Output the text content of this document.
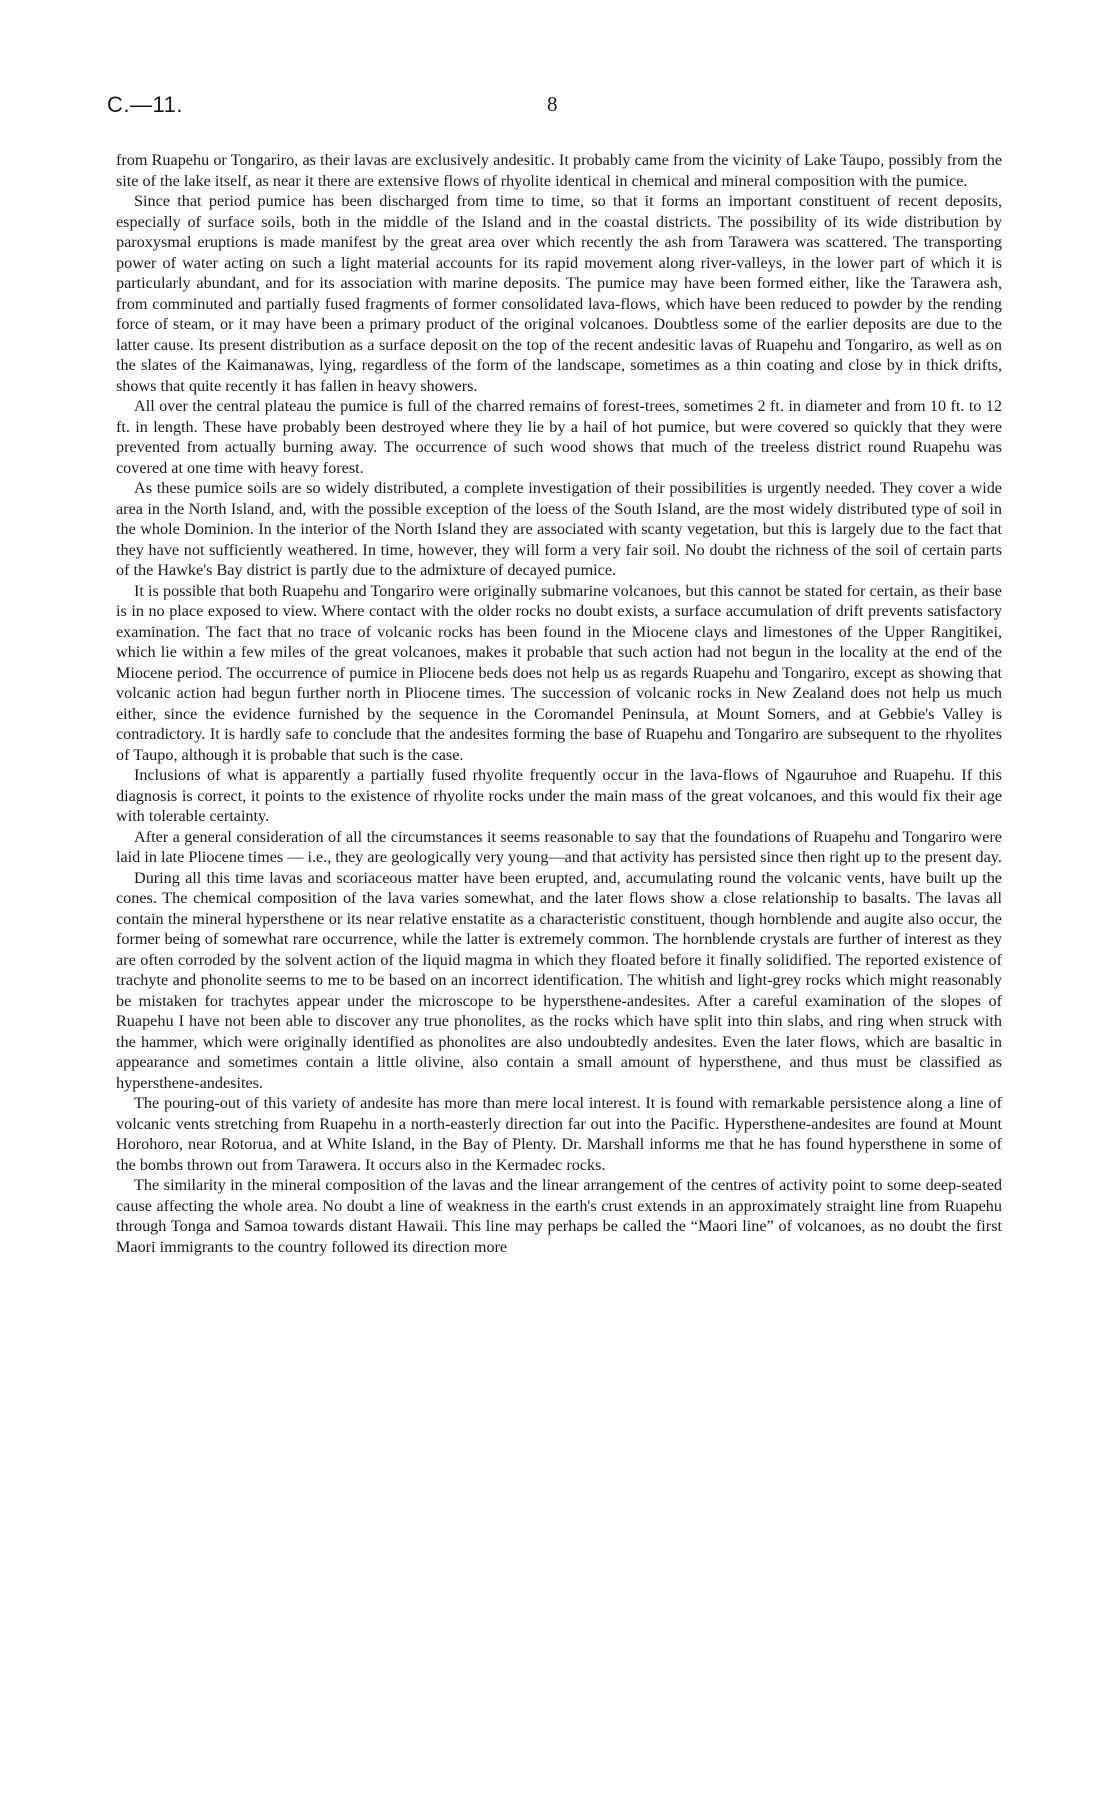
C.—11.	8

from Ruapehu or Tongariro, as their lavas are exclusively andesitic. It probably came from the vicinity of Lake Taupo, possibly from the site of the lake itself, as near it there are extensive flows of rhyolite identical in chemical and mineral composition with the pumice.

Since that period pumice has been discharged from time to time, so that it forms an important constituent of recent deposits, especially of surface soils, both in the middle of the Island and in the coastal districts. The possibility of its wide distribution by paroxysmal eruptions is made manifest by the great area over which recently the ash from Tarawera was scattered. The transporting power of water acting on such a light material accounts for its rapid movement along river-valleys, in the lower part of which it is particularly abundant, and for its association with marine deposits. The pumice may have been formed either, like the Tarawera ash, from comminuted and partially fused fragments of former consolidated lava-flows, which have been reduced to powder by the rending force of steam, or it may have been a primary product of the original volcanoes. Doubtless some of the earlier deposits are due to the latter cause. Its present distribution as a surface deposit on the top of the recent andesitic lavas of Ruapehu and Tongariro, as well as on the slates of the Kaimanawas, lying, regardless of the form of the landscape, sometimes as a thin coating and close by in thick drifts, shows that quite recently it has fallen in heavy showers.

All over the central plateau the pumice is full of the charred remains of forest-trees, sometimes 2 ft. in diameter and from 10 ft. to 12 ft. in length. These have probably been destroyed where they lie by a hail of hot pumice, but were covered so quickly that they were prevented from actually burning away. The occurrence of such wood shows that much of the treeless district round Ruapehu was covered at one time with heavy forest.

As these pumice soils are so widely distributed, a complete investigation of their possibilities is urgently needed. They cover a wide area in the North Island, and, with the possible exception of the loess of the South Island, are the most widely distributed type of soil in the whole Dominion. In the interior of the North Island they are associated with scanty vegetation, but this is largely due to the fact that they have not sufficiently weathered. In time, however, they will form a very fair soil. No doubt the richness of the soil of certain parts of the Hawke's Bay district is partly due to the admixture of decayed pumice.

It is possible that both Ruapehu and Tongariro were originally submarine volcanoes, but this cannot be stated for certain, as their base is in no place exposed to view. Where contact with the older rocks no doubt exists, a surface accumulation of drift prevents satisfactory examination. The fact that no trace of volcanic rocks has been found in the Miocene clays and limestones of the Upper Rangitikei, which lie within a few miles of the great volcanoes, makes it probable that such action had not begun in the locality at the end of the Miocene period. The occurrence of pumice in Pliocene beds does not help us as regards Ruapehu and Tongariro, except as showing that volcanic action had begun further north in Pliocene times. The succession of volcanic rocks in New Zealand does not help us much either, since the evidence furnished by the sequence in the Coromandel Peninsula, at Mount Somers, and at Gebbie's Valley is contradictory. It is hardly safe to conclude that the andesites forming the base of Ruapehu and Tongariro are subsequent to the rhyolites of Taupo, although it is probable that such is the case.

Inclusions of what is apparently a partially fused rhyolite frequently occur in the lava-flows of Ngauruhoe and Ruapehu. If this diagnosis is correct, it points to the existence of rhyolite rocks under the main mass of the great volcanoes, and this would fix their age with tolerable certainty.

After a general consideration of all the circumstances it seems reasonable to say that the foundations of Ruapehu and Tongariro were laid in late Pliocene times — i.e., they are geologically very young—and that activity has persisted since then right up to the present day.

During all this time lavas and scoriaceous matter have been erupted, and, accumulating round the volcanic vents, have built up the cones. The chemical composition of the lava varies somewhat, and the later flows show a close relationship to basalts. The lavas all contain the mineral hypersthene or its near relative enstatite as a characteristic constituent, though hornblende and augite also occur, the former being of somewhat rare occurrence, while the latter is extremely common. The hornblende crystals are further of interest as they are often corroded by the solvent action of the liquid magma in which they floated before it finally solidified. The reported existence of trachyte and phonolite seems to me to be based on an incorrect identification. The whitish and light-grey rocks which might reasonably be mistaken for trachytes appear under the microscope to be hypersthene-andesites. After a careful examination of the slopes of Ruapehu I have not been able to discover any true phonolites, as the rocks which have split into thin slabs, and ring when struck with the hammer, which were originally identified as phonolites are also undoubtedly andesites. Even the later flows, which are basaltic in appearance and sometimes contain a little olivine, also contain a small amount of hypersthene, and thus must be classified as hypersthene-andesites.

The pouring-out of this variety of andesite has more than mere local interest. It is found with remarkable persistence along a line of volcanic vents stretching from Ruapehu in a north-easterly direction far out into the Pacific. Hypersthene-andesites are found at Mount Horohoro, near Rotorua, and at White Island, in the Bay of Plenty. Dr. Marshall informs me that he has found hypersthene in some of the bombs thrown out from Tarawera. It occurs also in the Kermadec rocks.

The similarity in the mineral composition of the lavas and the linear arrangement of the centres of activity point to some deep-seated cause affecting the whole area. No doubt a line of weakness in the earth's crust extends in an approximately straight line from Ruapehu through Tonga and Samoa towards distant Hawaii. This line may perhaps be called the “Maori line” of volcanoes, as no doubt the first Maori immigrants to the country followed its direction more
